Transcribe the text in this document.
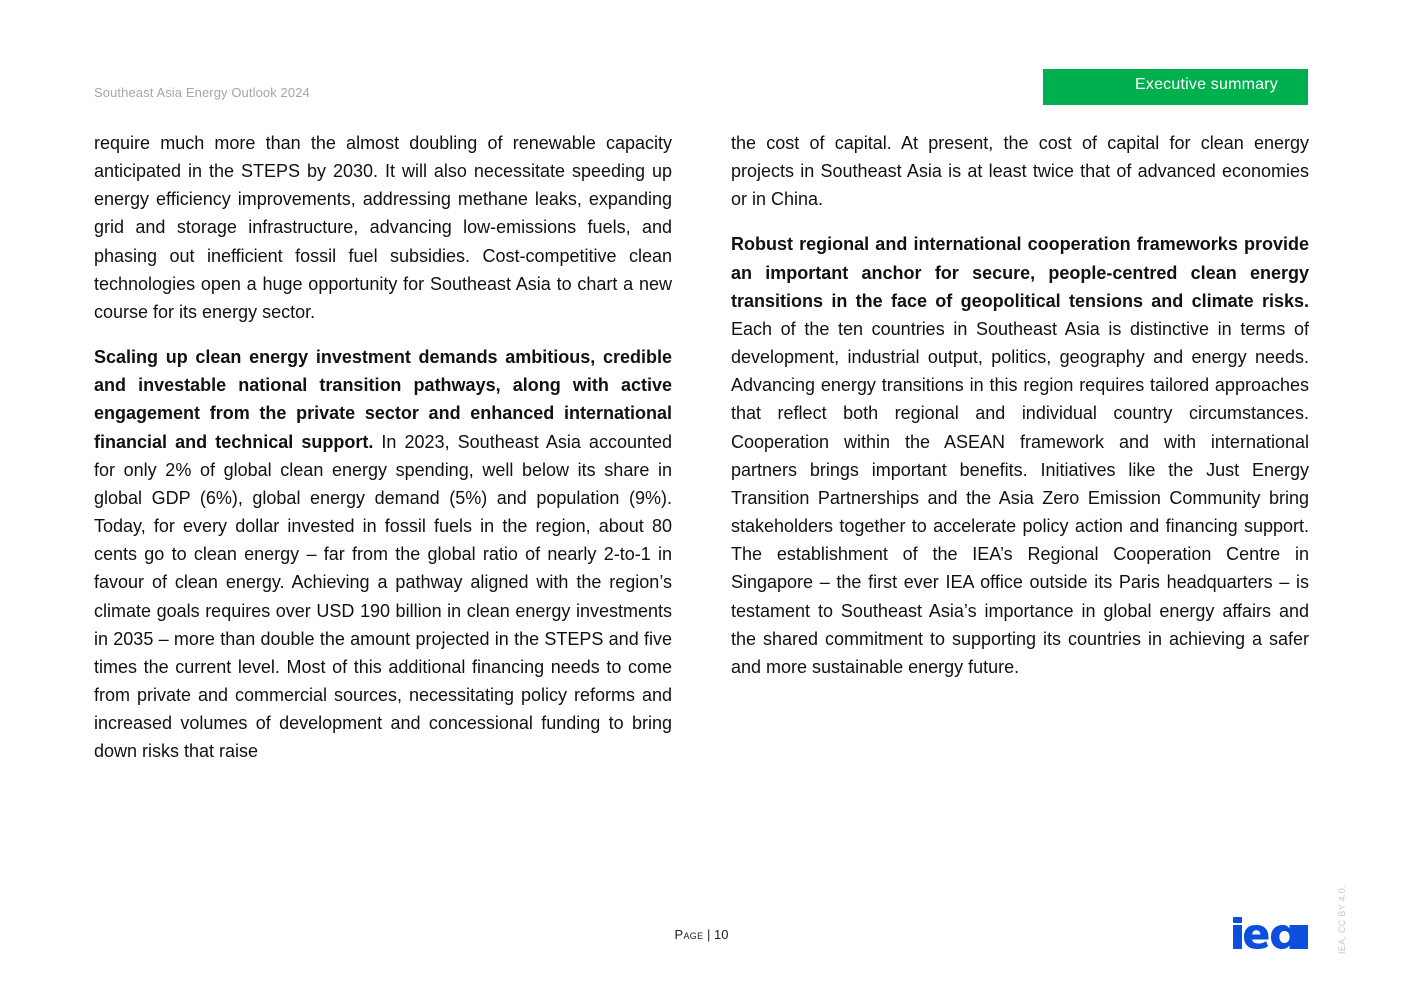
Southeast Asia Energy Outlook 2024	Executive summary

require much more than the almost doubling of renewable capacity anticipated in the STEPS by 2030. It will also necessitate speeding up energy efficiency improvements, addressing methane leaks, expanding grid and storage infrastructure, advancing low-emissions fuels, and phasing out inefficient fossil fuel subsidies. Cost-competitive clean technologies open a huge opportunity for Southeast Asia to chart a new course for its energy sector.

Scaling up clean energy investment demands ambitious, credible and investable national transition pathways, along with active engagement from the private sector and enhanced international financial and technical support. In 2023, Southeast Asia accounted for only 2% of global clean energy spending, well below its share in global GDP (6%), global energy demand (5%) and population (9%). Today, for every dollar invested in fossil fuels in the region, about 80 cents go to clean energy – far from the global ratio of nearly 2-to-1 in favour of clean energy. Achieving a pathway aligned with the region’s climate goals requires over USD 190 billion in clean energy investments in 2035 – more than double the amount projected in the STEPS and five times the current level. Most of this additional financing needs to come from private and commercial sources, necessitating policy reforms and increased volumes of development and concessional funding to bring down risks that raise

the cost of capital. At present, the cost of capital for clean energy projects in Southeast Asia is at least twice that of advanced economies or in China.

Robust regional and international cooperation frameworks provide an important anchor for secure, people-centred clean energy transitions in the face of geopolitical tensions and climate risks. Each of the ten countries in Southeast Asia is distinctive in terms of development, industrial output, politics, geography and energy needs. Advancing energy transitions in this region requires tailored approaches that reflect both regional and individual country circumstances. Cooperation within the ASEAN framework and with international partners brings important benefits. Initiatives like the Just Energy Transition Partnerships and the Asia Zero Emission Community bring stakeholders together to accelerate policy action and financing support. The establishment of the IEA’s Regional Cooperation Centre in Singapore – the first ever IEA office outside its Paris headquarters – is testament to Southeast Asia’s importance in global energy affairs and the shared commitment to supporting its countries in achieving a safer and more sustainable energy future.

Page | 10	IEA. CC BY 4.0.
